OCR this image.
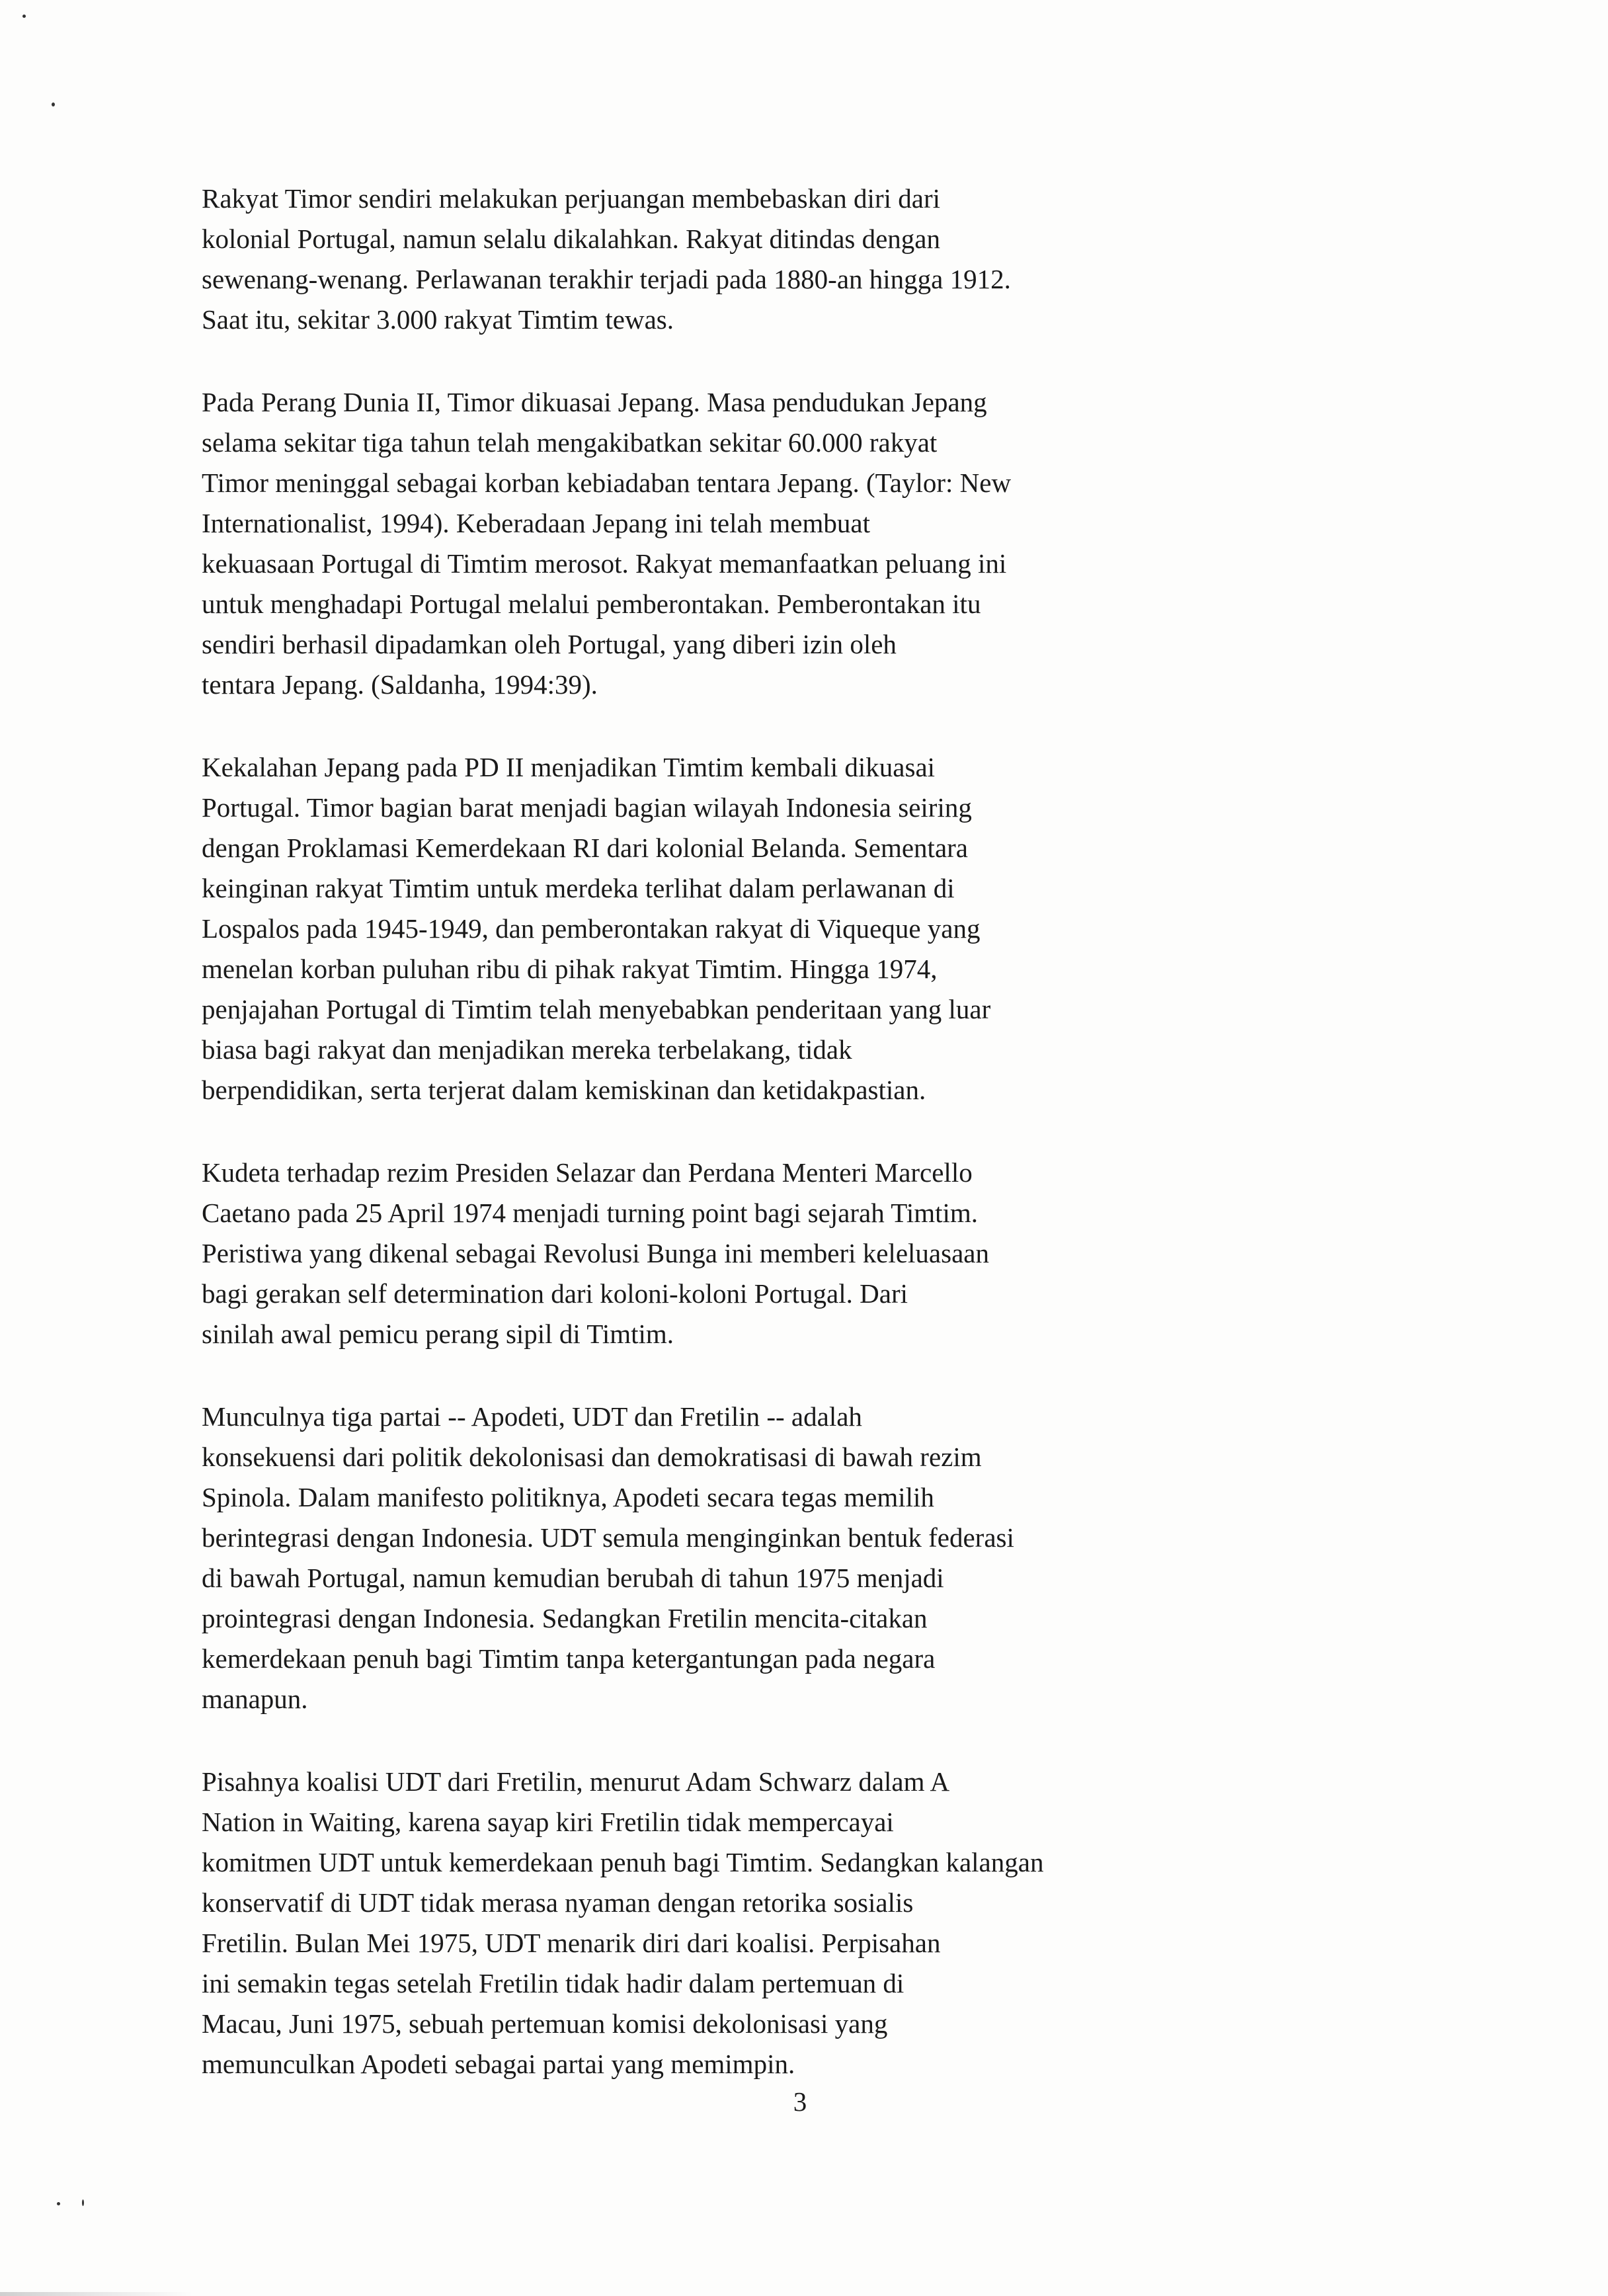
Rakyat Timor sendiri melakukan perjuangan membebaskan diri dari
kolonial Portugal, namun selalu dikalahkan. Rakyat ditindas dengan
sewenang-wenang. Perlawanan terakhir terjadi pada 1880-an hingga 1912.
Saat itu, sekitar 3.000 rakyat Timtim tewas.
Pada Perang Dunia II, Timor dikuasai Jepang. Masa pendudukan Jepang
selama sekitar tiga tahun telah mengakibatkan sekitar 60.000 rakyat
Timor meninggal sebagai korban kebiadaban tentara Jepang. (Taylor: New
Internationalist, 1994). Keberadaan Jepang ini telah membuat
kekuasaan Portugal di Timtim merosot. Rakyat memanfaatkan peluang ini
untuk menghadapi Portugal melalui pemberontakan. Pemberontakan itu
sendiri berhasil dipadamkan oleh Portugal, yang diberi izin oleh
tentara Jepang. (Saldanha, 1994:39).
Kekalahan Jepang pada PD II menjadikan Timtim kembali dikuasai
Portugal. Timor bagian barat menjadi bagian wilayah Indonesia seiring
dengan Proklamasi Kemerdekaan RI dari kolonial Belanda. Sementara
keinginan rakyat Timtim untuk merdeka terlihat dalam perlawanan di
Lospalos pada 1945-1949, dan pemberontakan rakyat di Viqueque yang
menelan korban puluhan ribu di pihak rakyat Timtim. Hingga 1974,
penjajahan Portugal di Timtim telah menyebabkan penderitaan yang luar
biasa bagi rakyat dan menjadikan mereka terbelakang, tidak
berpendidikan, serta terjerat dalam kemiskinan dan ketidakpastian.
Kudeta terhadap rezim Presiden Selazar dan Perdana Menteri Marcello
Caetano pada 25 April 1974 menjadi turning point bagi sejarah Timtim.
Peristiwa yang dikenal sebagai Revolusi Bunga ini memberi keleluasaan
bagi gerakan self determination dari koloni-koloni Portugal. Dari
sinilah awal pemicu perang sipil di Timtim.
Munculnya tiga partai -- Apodeti, UDT dan Fretilin -- adalah
konsekuensi dari politik dekolonisasi dan demokratisasi di bawah rezim
Spinola. Dalam manifesto politiknya, Apodeti secara tegas memilih
berintegrasi dengan Indonesia. UDT semula menginginkan bentuk federasi
di bawah Portugal, namun kemudian berubah di tahun 1975 menjadi
prointegrasi dengan Indonesia. Sedangkan Fretilin mencita-citakan
kemerdekaan penuh bagi Timtim tanpa ketergantungan pada negara
manapun.
Pisahnya koalisi UDT dari Fretilin, menurut Adam Schwarz dalam A
Nation in Waiting, karena sayap kiri Fretilin tidak mempercayai
komitmen UDT untuk kemerdekaan penuh bagi Timtim. Sedangkan kalangan
konservatif di UDT tidak merasa nyaman dengan retorika sosialis
Fretilin. Bulan Mei 1975, UDT menarik diri dari koalisi. Perpisahan
ini semakin tegas setelah Fretilin tidak hadir dalam pertemuan di
Macau, Juni 1975, sebuah pertemuan komisi dekolonisasi yang
memunculkan Apodeti sebagai partai yang memimpin.
3
